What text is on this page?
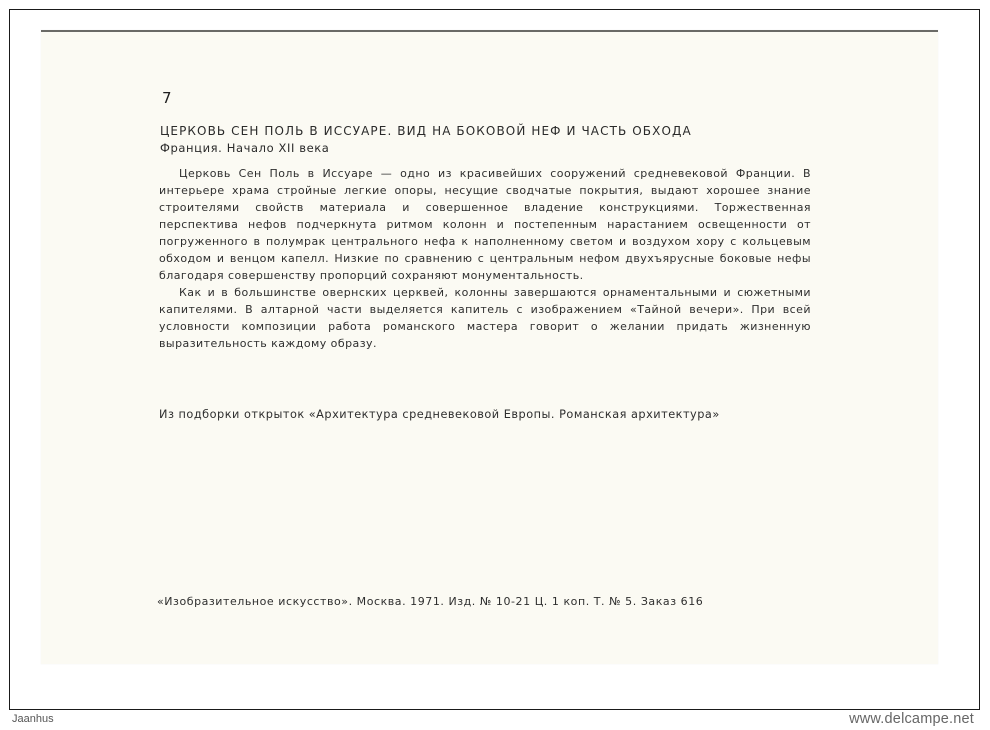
7
ЦЕРКОВЬ СЕН ПОЛЬ В ИССУАРЕ. ВИД НА БОКОВОЙ НЕФ И ЧАСТЬ ОБХОДА
Франция. Начало XII века

Церковь Сен Поль в Иссуаре — одно из красивейших сооружений средневековой Франции. В интерьере храма стройные легкие опоры, несущие сводчатые покрытия, выдают хорошее знание строителями свойств материала и совершенное владение конструкциями. Торжественная перспектива нефов подчеркнута ритмом колонн и постепенным нарастанием освещенности от погруженного в полумрак центрального нефа к наполненному светом и воздухом хору с кольцевым обходом и венцом капелл. Низкие по сравнению с центральным нефом двухъярусные боковые нефы благодаря совершенству пропорций сохраняют монументальность.

Как и в большинстве овернских церквей, колонны завершаются орнаментальными и сюжетными капителями. В алтарной части выделяется капитель с изображением «Тайной вечери». При всей условности композиции работа романского мастера говорит о желании придать жизненную выразительность каждому образу.

Из подборки открыток «Архитектура средневековой Европы. Романская архитектура»
«Изобразительное искусство». Москва. 1971. Изд. № 10-21 Ц. 1 коп. Т. № 5. Заказ 616
Jaanhus	www.delcampe.net
